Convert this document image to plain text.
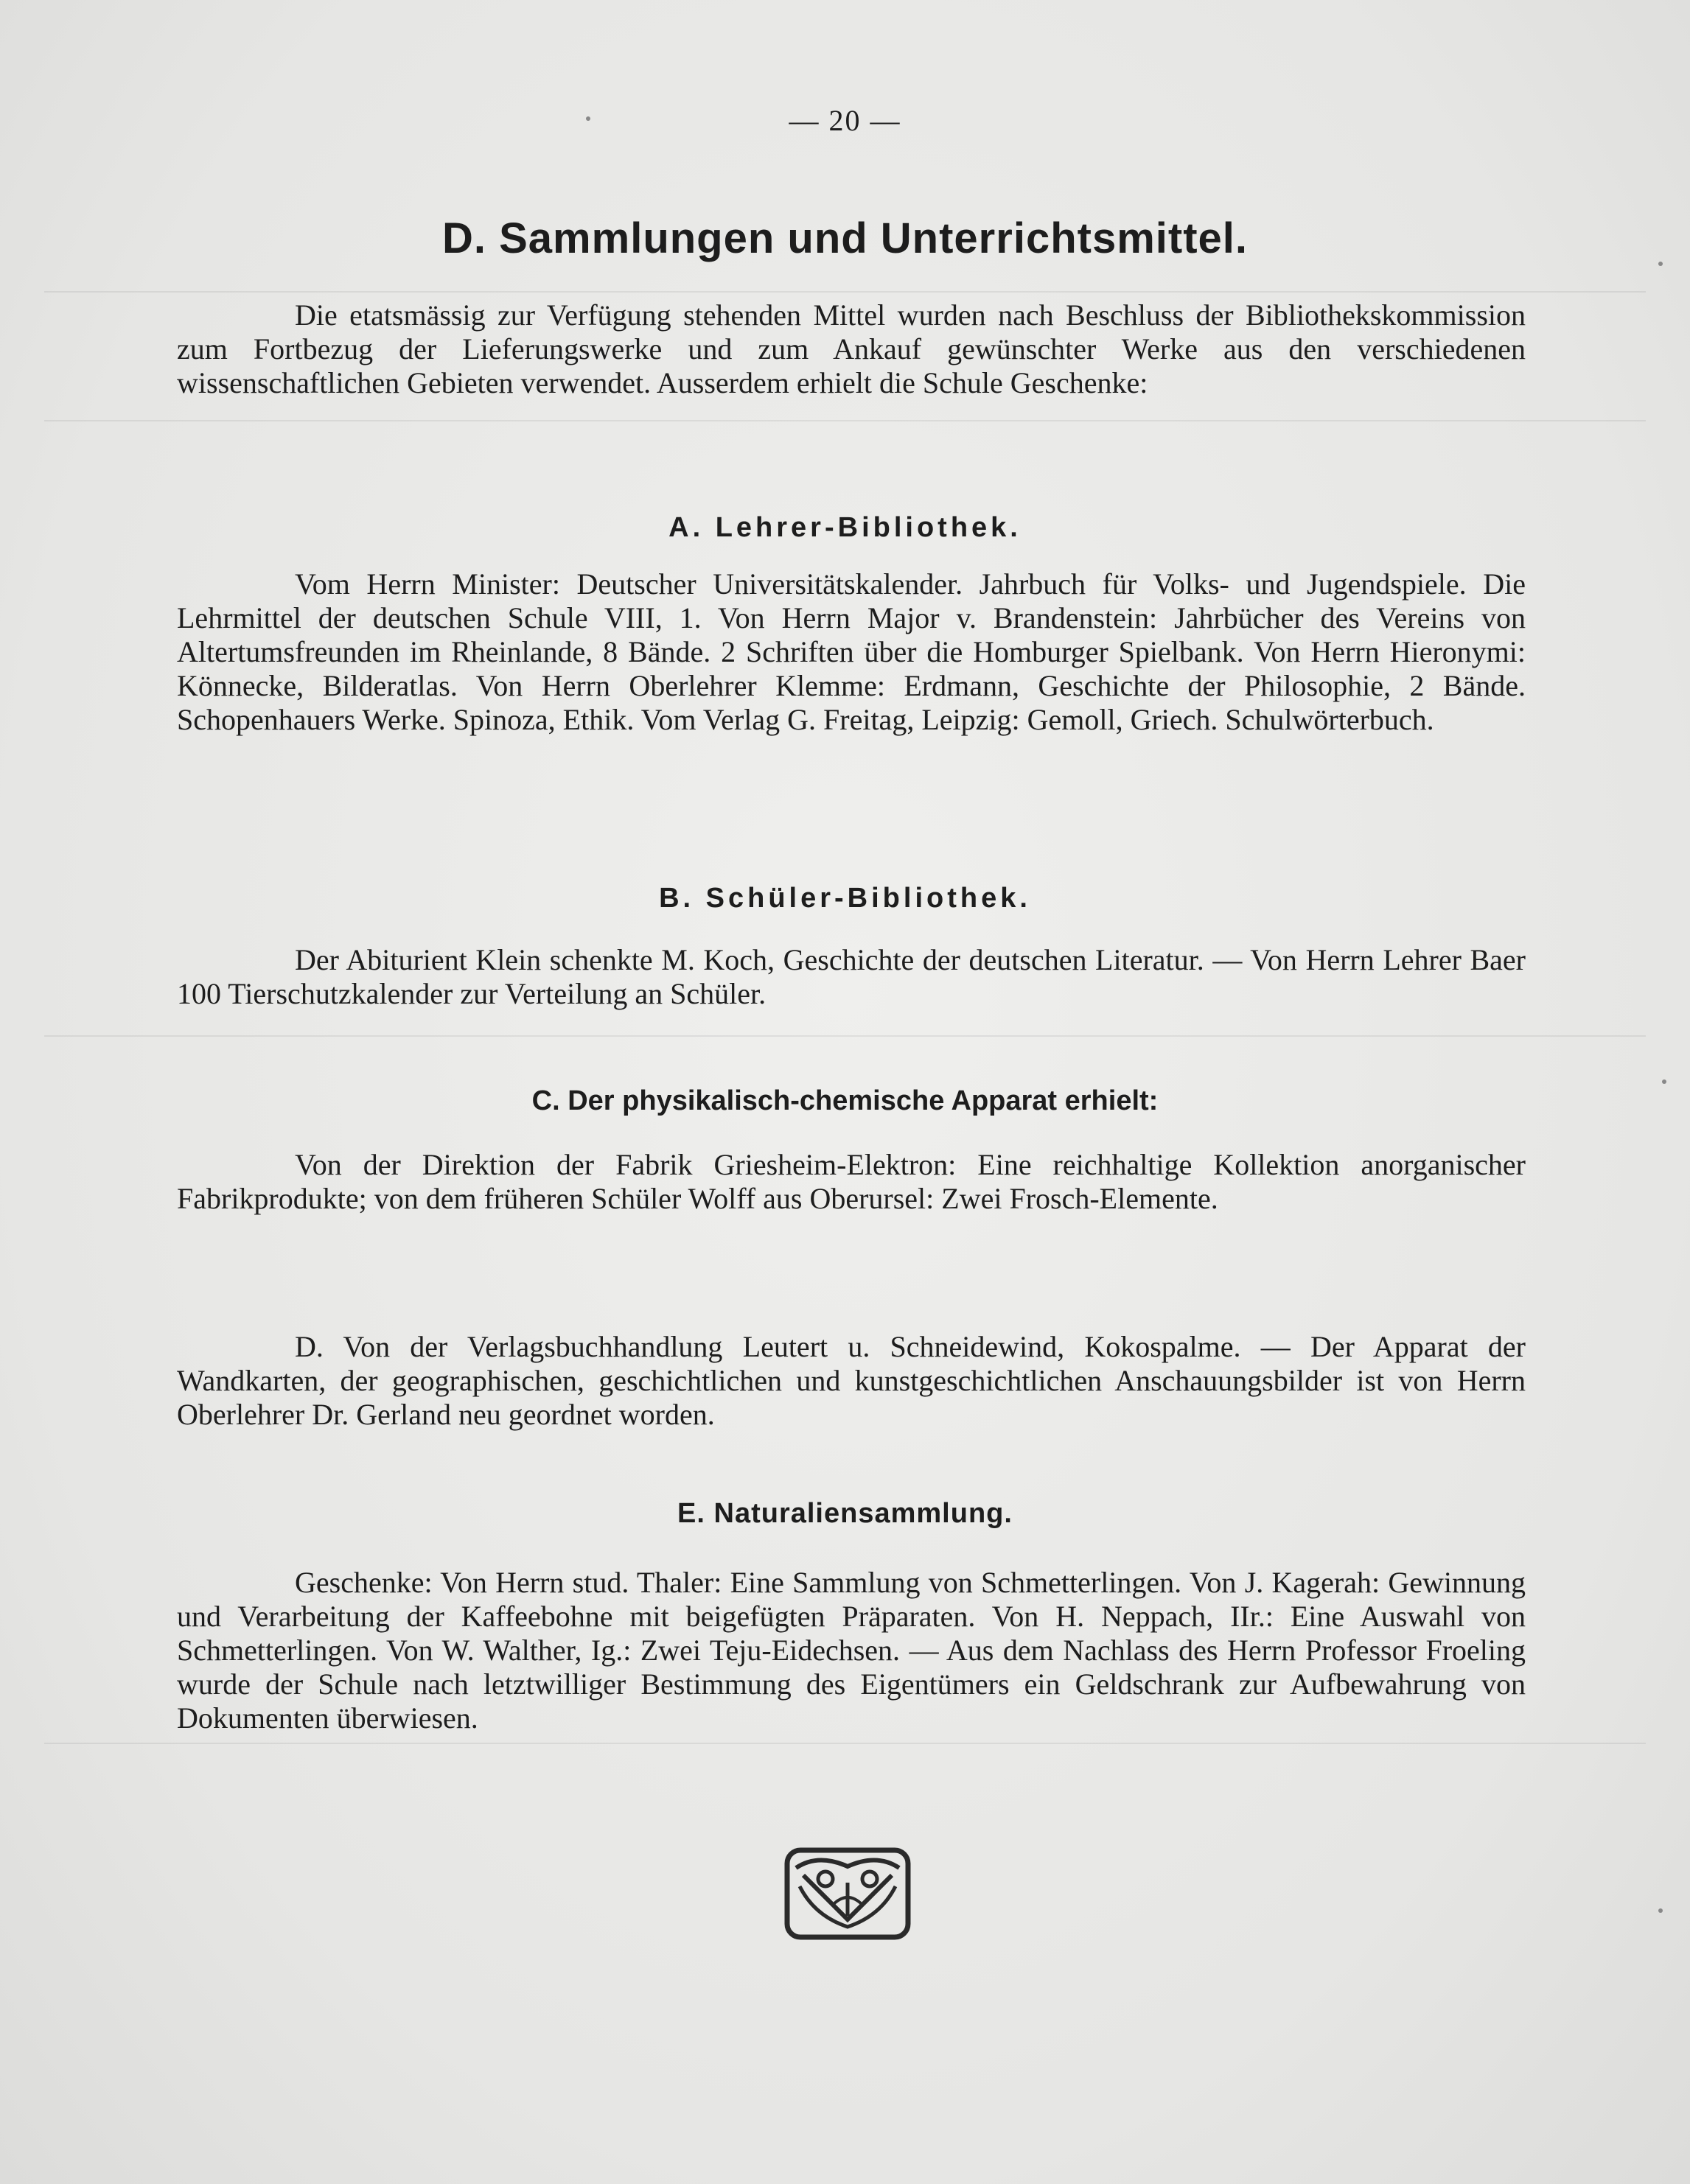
— 20 —
D. Sammlungen und Unterrichtsmittel.

Die etatsmässig zur Verfügung stehenden Mittel wurden nach Beschluss der Bibliothekskommission zum Fortbezug der Lieferungswerke und zum Ankauf gewünschter Werke aus den verschiedenen wissenschaftlichen Gebieten verwendet. Ausserdem erhielt die Schule Geschenke:

A. Lehrer-Bibliothek.

Vom Herrn Minister: Deutscher Universitätskalender. Jahrbuch für Volks- und Jugendspiele. Die Lehrmittel der deutschen Schule VIII, 1. Von Herrn Major v. Brandenstein: Jahrbücher des Vereins von Altertumsfreunden im Rheinlande, 8 Bände. 2 Schriften über die Homburger Spielbank. Von Herrn Hieronymi: Könnecke, Bilderatlas. Von Herrn Oberlehrer Klemme: Erdmann, Geschichte der Philosophie, 2 Bände. Schopenhauers Werke. Spinoza, Ethik. Vom Verlag G. Freitag, Leipzig: Gemoll, Griech. Schulwörterbuch.

B. Schüler-Bibliothek.

Der Abiturient Klein schenkte M. Koch, Geschichte der deutschen Literatur. — Von Herrn Lehrer Baer 100 Tierschutzkalender zur Verteilung an Schüler.

C. Der physikalisch-chemische Apparat erhielt:

Von der Direktion der Fabrik Griesheim-Elektron: Eine reichhaltige Kollektion anorganischer Fabrikprodukte; von dem früheren Schüler Wolff aus Oberursel: Zwei Frosch-Elemente.

D. Von der Verlagsbuchhandlung Leutert u. Schneidewind, Kokospalme. — Der Apparat der Wandkarten, der geographischen, geschichtlichen und kunstgeschichtlichen Anschauungsbilder ist von Herrn Oberlehrer Dr. Gerland neu geordnet worden.

E. Naturaliensammlung.

Geschenke: Von Herrn stud. Thaler: Eine Sammlung von Schmetterlingen. Von J. Kagerah: Gewinnung und Verarbeitung der Kaffeebohne mit beigefügten Präparaten. Von H. Neppach, IIr.: Eine Auswahl von Schmetterlingen. Von W. Walther, Ig.: Zwei Teju-Eidechsen. — Aus dem Nachlass des Herrn Professor Froeling wurde der Schule nach letztwilliger Bestimmung des Eigentümers ein Geldschrank zur Aufbewahrung von Dokumenten überwiesen.
